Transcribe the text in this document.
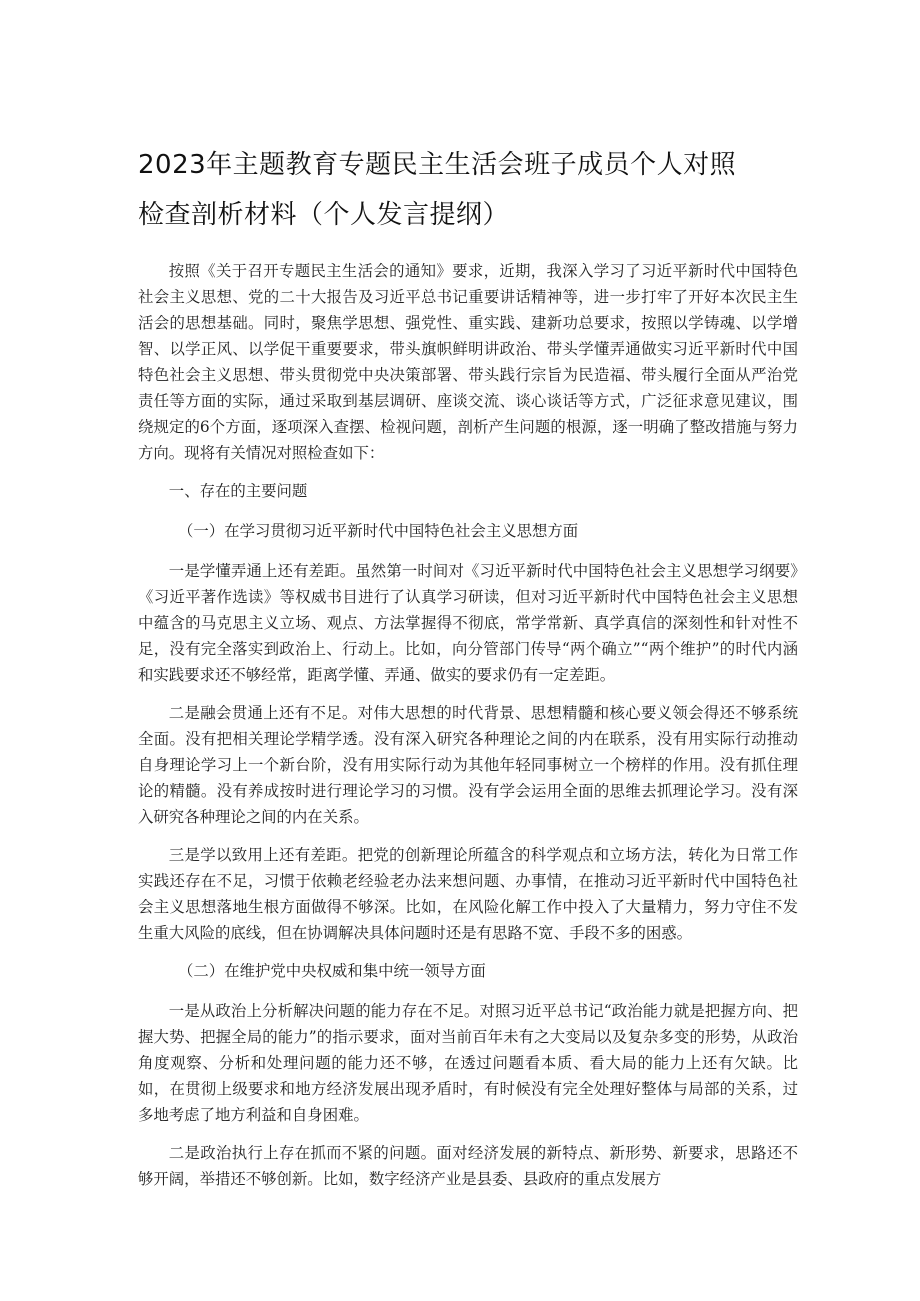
2023年主题教育专题民主生活会班子成员个人对照
检查剖析材料（个人发言提纲）

按照《关于召开专题民主生活会的通知》要求，近期，我深入学习了习近平新时代中国特色社会主义思想、党的二十大报告及习近平总书记重要讲话精神等，进一步打牢了开好本次民主生活会的思想基础。同时，聚焦学思想、强党性、重实践、建新功总要求，按照以学铸魂、以学增智、以学正风、以学促干重要要求，带头旗帜鲜明讲政治、带头学懂弄通做实习近平新时代中国特色社会主义思想、带头贯彻党中央决策部署、带头践行宗旨为民造福、带头履行全面从严治党责任等方面的实际，通过采取到基层调研、座谈交流、谈心谈话等方式，广泛征求意见建议，围绕规定的6个方面，逐项深入查摆、检视问题，剖析产生问题的根源，逐一明确了整改措施与努力方向。现将有关情况对照检查如下：

一、存在的主要问题

（一）在学习贯彻习近平新时代中国特色社会主义思想方面

一是学懂弄通上还有差距。虽然第一时间对《习近平新时代中国特色社会主义思想学习纲要》《习近平著作选读》等权威书目进行了认真学习研读，但对习近平新时代中国特色社会主义思想中蕴含的马克思主义立场、观点、方法掌握得不彻底，常学常新、真学真信的深刻性和针对性不足，没有完全落实到政治上、行动上。比如，向分管部门传导“两个确立”“两个维护”的时代内涵和实践要求还不够经常，距离学懂、弄通、做实的要求仍有一定差距。

二是融会贯通上还有不足。对伟大思想的时代背景、思想精髓和核心要义领会得还不够系统全面。没有把相关理论学精学透。没有深入研究各种理论之间的内在联系，没有用实际行动推动自身理论学习上一个新台阶，没有用实际行动为其他年轻同事树立一个榜样的作用。没有抓住理论的精髓。没有养成按时进行理论学习的习惯。没有学会运用全面的思维去抓理论学习。没有深入研究各种理论之间的内在关系。

三是学以致用上还有差距。把党的创新理论所蕴含的科学观点和立场方法，转化为日常工作实践还存在不足，习惯于依赖老经验老办法来想问题、办事情，在推动习近平新时代中国特色社会主义思想落地生根方面做得不够深。比如，在风险化解工作中投入了大量精力，努力守住不发生重大风险的底线，但在协调解决具体问题时还是有思路不宽、手段不多的困惑。

（二）在维护党中央权威和集中统一领导方面

一是从政治上分析解决问题的能力存在不足。对照习近平总书记“政治能力就是把握方向、把握大势、把握全局的能力”的指示要求，面对当前百年未有之大变局以及复杂多变的形势，从政治角度观察、分析和处理问题的能力还不够，在透过问题看本质、看大局的能力上还有欠缺。比如，在贯彻上级要求和地方经济发展出现矛盾时，有时候没有完全处理好整体与局部的关系，过多地考虑了地方利益和自身困难。

二是政治执行上存在抓而不紧的问题。面对经济发展的新特点、新形势、新要求，思路还不够开阔，举措还不够创新。比如，数字经济产业是县委、县政府的重点发展方
